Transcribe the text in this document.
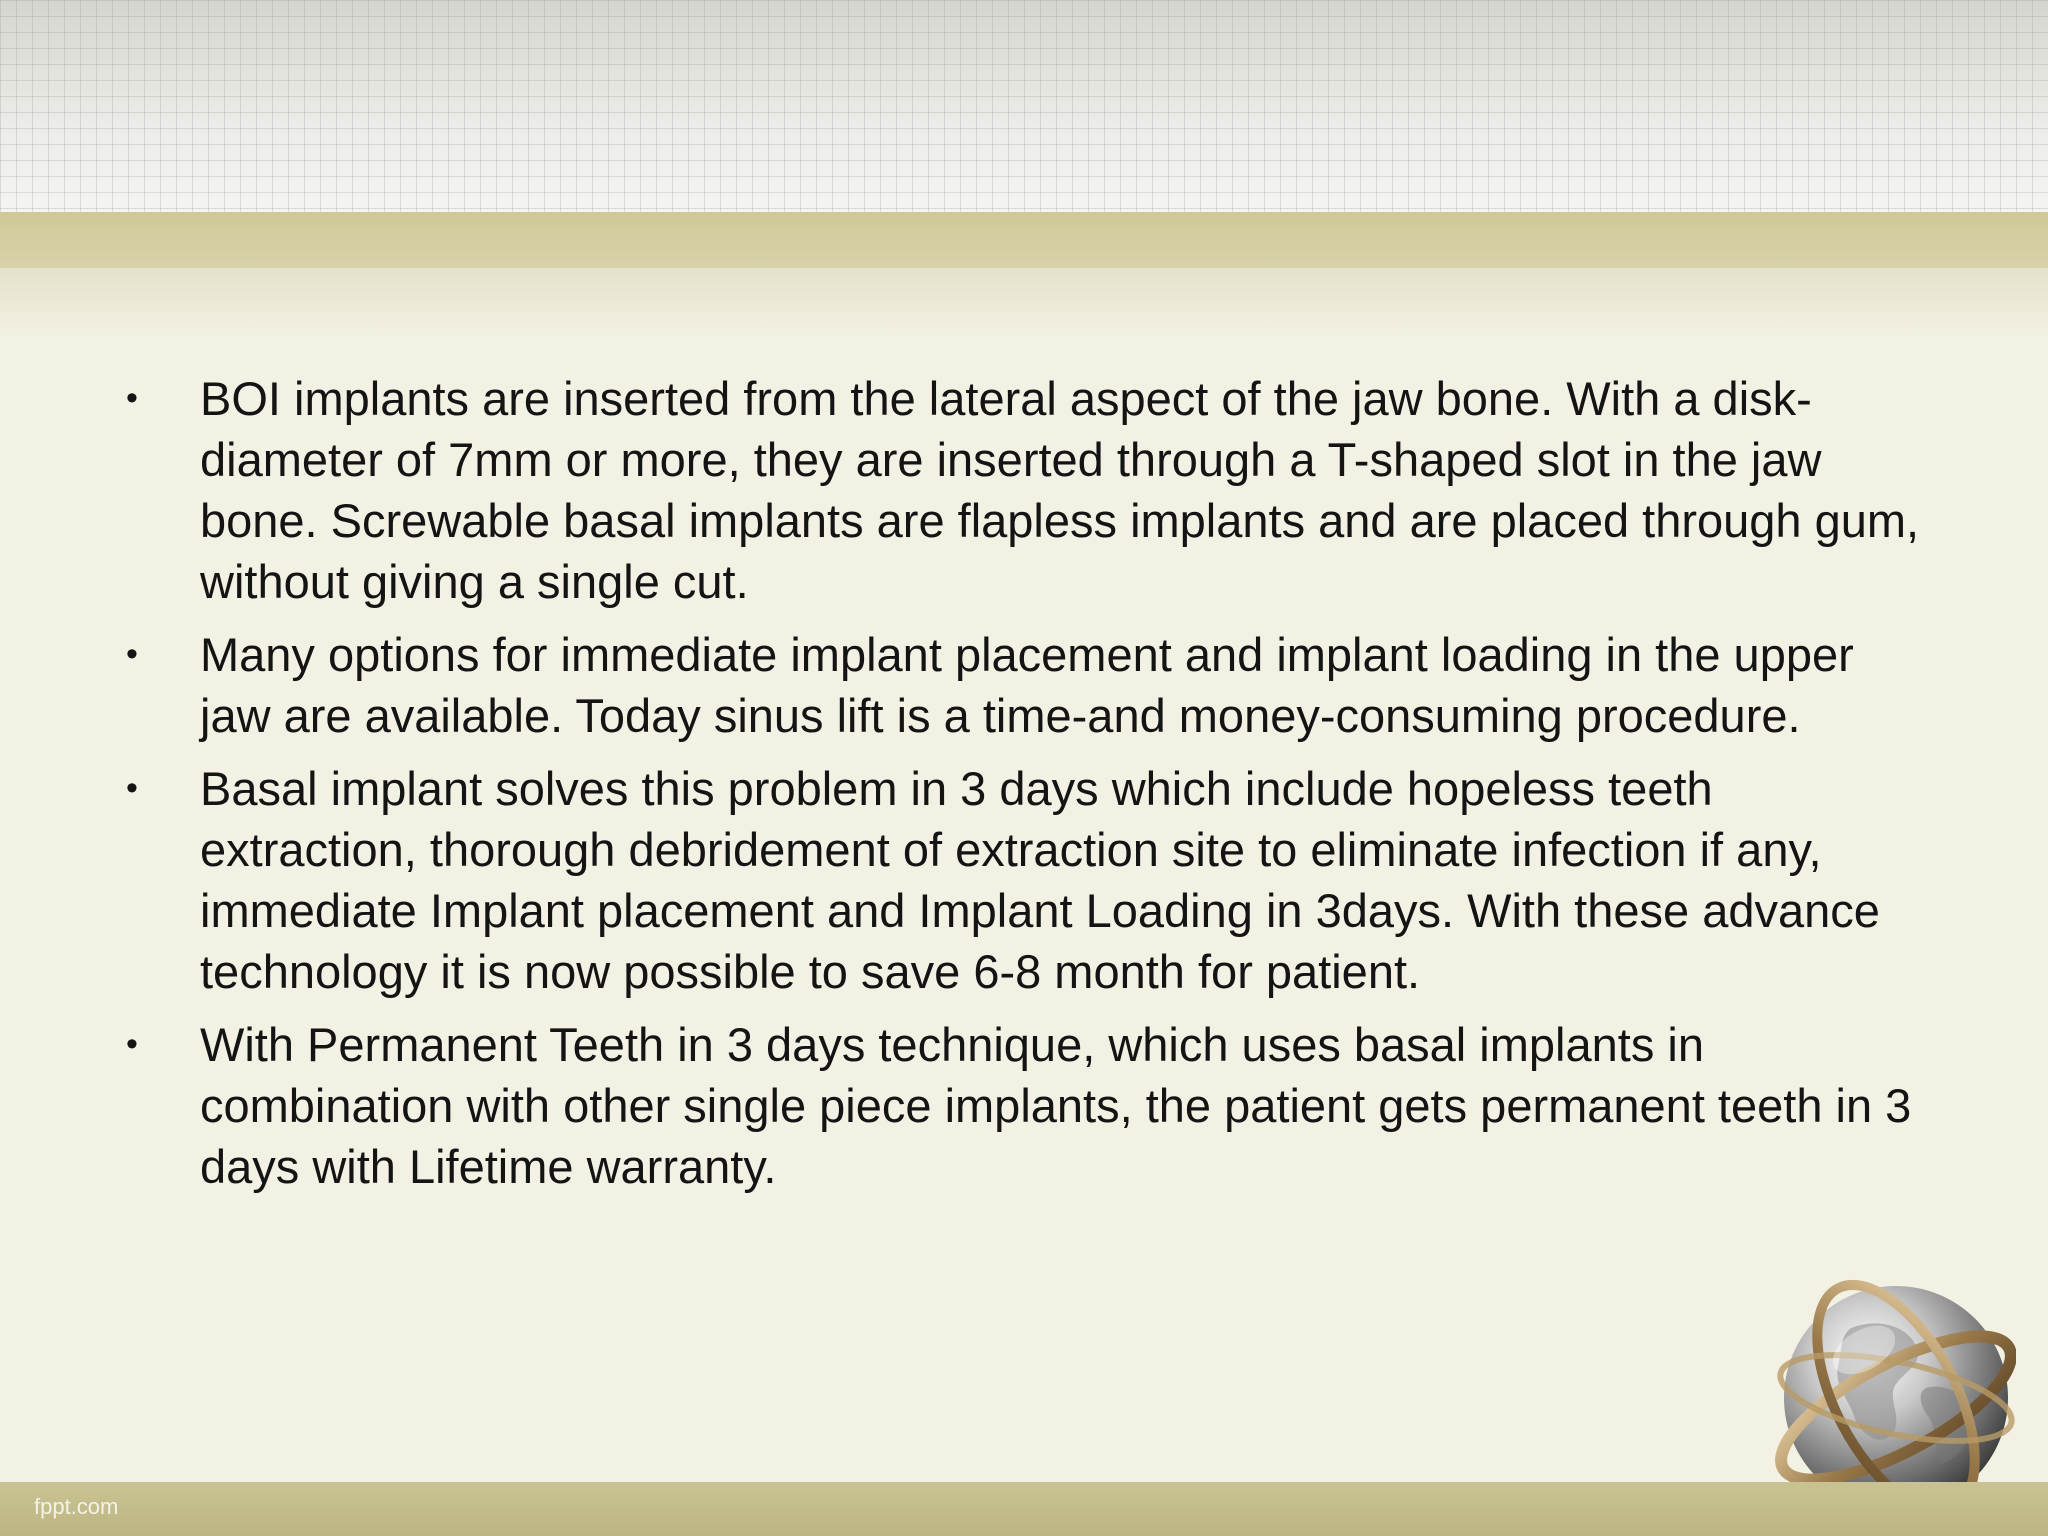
• BOI implants are inserted from the lateral aspect of the jaw bone. With a disk-diameter of 7mm or more, they are inserted through a T-shaped slot in the jaw bone. Screwable basal implants are flapless implants and are placed through gum, without giving a single cut.
• Many options for immediate implant placement and implant loading in the upper jaw are available. Today sinus lift is a time-and money-consuming procedure.
• Basal implant solves this problem in 3 days which include hopeless teeth extraction, thorough debridement of extraction site to eliminate infection if any, immediate Implant placement and Implant Loading in 3days. With these advance technology it is now possible to save 6-8 month for patient.
• With Permanent Teeth in 3 days technique, which uses basal implants in combination with other single piece implants, the patient gets permanent teeth in 3 days with Lifetime warranty.
fppt.com
